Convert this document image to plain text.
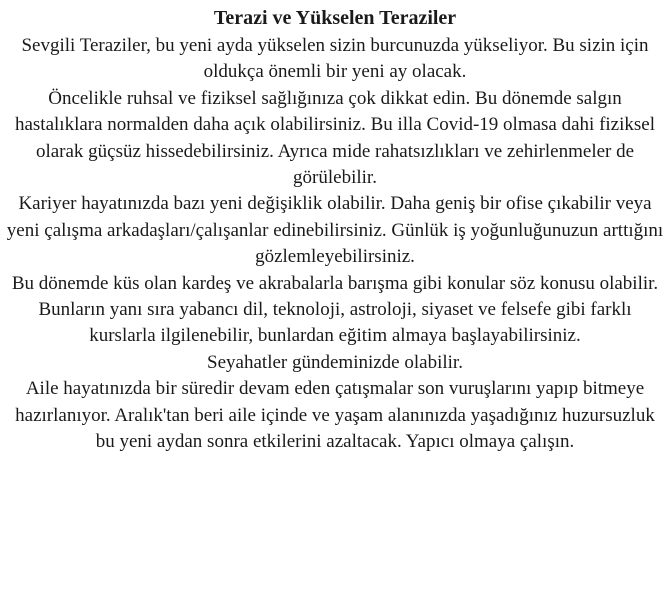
Terazi ve Yükselen Teraziler

Sevgili Teraziler, bu yeni ayda yükselen sizin burcunuzda yükseliyor. Bu sizin için oldukça önemli bir yeni ay olacak.

Öncelikle ruhsal ve fiziksel sağlığınıza çok dikkat edin. Bu dönemde salgın hastalıklara normalden daha açık olabilirsiniz. Bu illa Covid-19 olmasa dahi fiziksel olarak güçsüz hissedebilirsiniz. Ayrıca mide rahatsızlıkları ve zehirlenmeler de görülebilir.

Kariyer hayatınızda bazı yeni değişiklik olabilir. Daha geniş bir ofise çıkabilir veya yeni çalışma arkadaşları/çalışanlar edinebilirsiniz. Günlük iş yoğunluğunuzun arttığını gözlemleyebilirsiniz.

Bu dönemde küs olan kardeş ve akrabalarla barışma gibi konular söz konusu olabilir. Bunların yanı sıra yabancı dil, teknoloji, astroloji, siyaset ve felsefe gibi farklı kurslarla ilgilenebilir, bunlardan eğitim almaya başlayabilirsiniz.

Seyahatler gündeminizde olabilir.

Aile hayatınızda bir süredir devam eden çatışmalar son vuruşlarını yapıp bitmeye hazırlanıyor. Aralık'tan beri aile içinde ve yaşam alanınızda yaşadığınız huzursuzluk bu yeni aydan sonra etkilerini azaltacak. Yapıcı olmaya çalışın.
